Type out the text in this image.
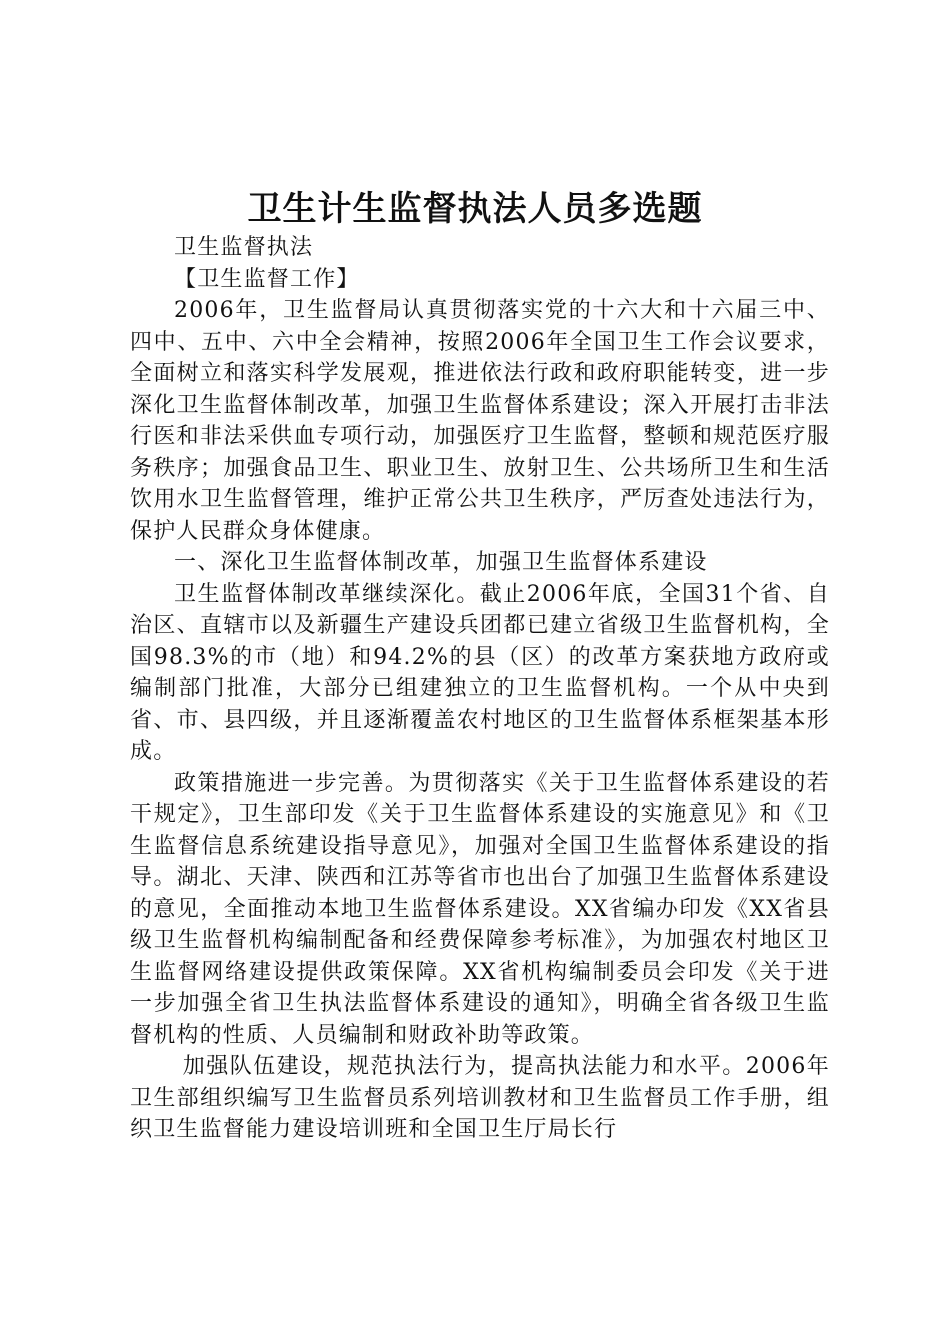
卫生计生监督执法人员多选题

卫生监督执法

【卫生监督工作】

2006年，卫生监督局认真贯彻落实党的十六大和十六届三中、四中、五中、六中全会精神，按照2006年全国卫生工作会议要求，全面树立和落实科学发展观，推进依法行政和政府职能转变，进一步深化卫生监督体制改革，加强卫生监督体系建设；深入开展打击非法行医和非法采供血专项行动，加强医疗卫生监督，整顿和规范医疗服务秩序；加强食品卫生、职业卫生、放射卫生、公共场所卫生和生活饮用水卫生监督管理，维护正常公共卫生秩序，严厉查处违法行为，保护人民群众身体健康。

一、深化卫生监督体制改革，加强卫生监督体系建设

卫生监督体制改革继续深化。截止2006年底，全国31个省、自治区、直辖市以及新疆生产建设兵团都已建立省级卫生监督机构，全国98.3%的市（地）和94.2%的县（区）的改革方案获地方政府或编制部门批准，大部分已组建独立的卫生监督机构。一个从中央到省、市、县四级，并且逐渐覆盖农村地区的卫生监督体系框架基本形成。

政策措施进一步完善。为贯彻落实《关于卫生监督体系建设的若干规定》，卫生部印发《关于卫生监督体系建设的实施意见》和《卫生监督信息系统建设指导意见》，加强对全国卫生监督体系建设的指导。湖北、天津、陕西和江苏等省市也出台了加强卫生监督体系建设的意见，全面推动本地卫生监督体系建设。XX省编办印发《XX省县级卫生监督机构编制配备和经费保障参考标准》，为加强农村地区卫生监督网络建设提供政策保障。XX省机构编制委员会印发《关于进一步加强全省卫生执法监督体系建设的通知》，明确全省各级卫生监督机构的性质、人员编制和财政补助等政策。

加强队伍建设，规范执法行为，提高执法能力和水平。2006年卫生部组织编写卫生监督员系列培训教材和卫生监督员工作手册，组织卫生监督能力建设培训班和全国卫生厅局长行
